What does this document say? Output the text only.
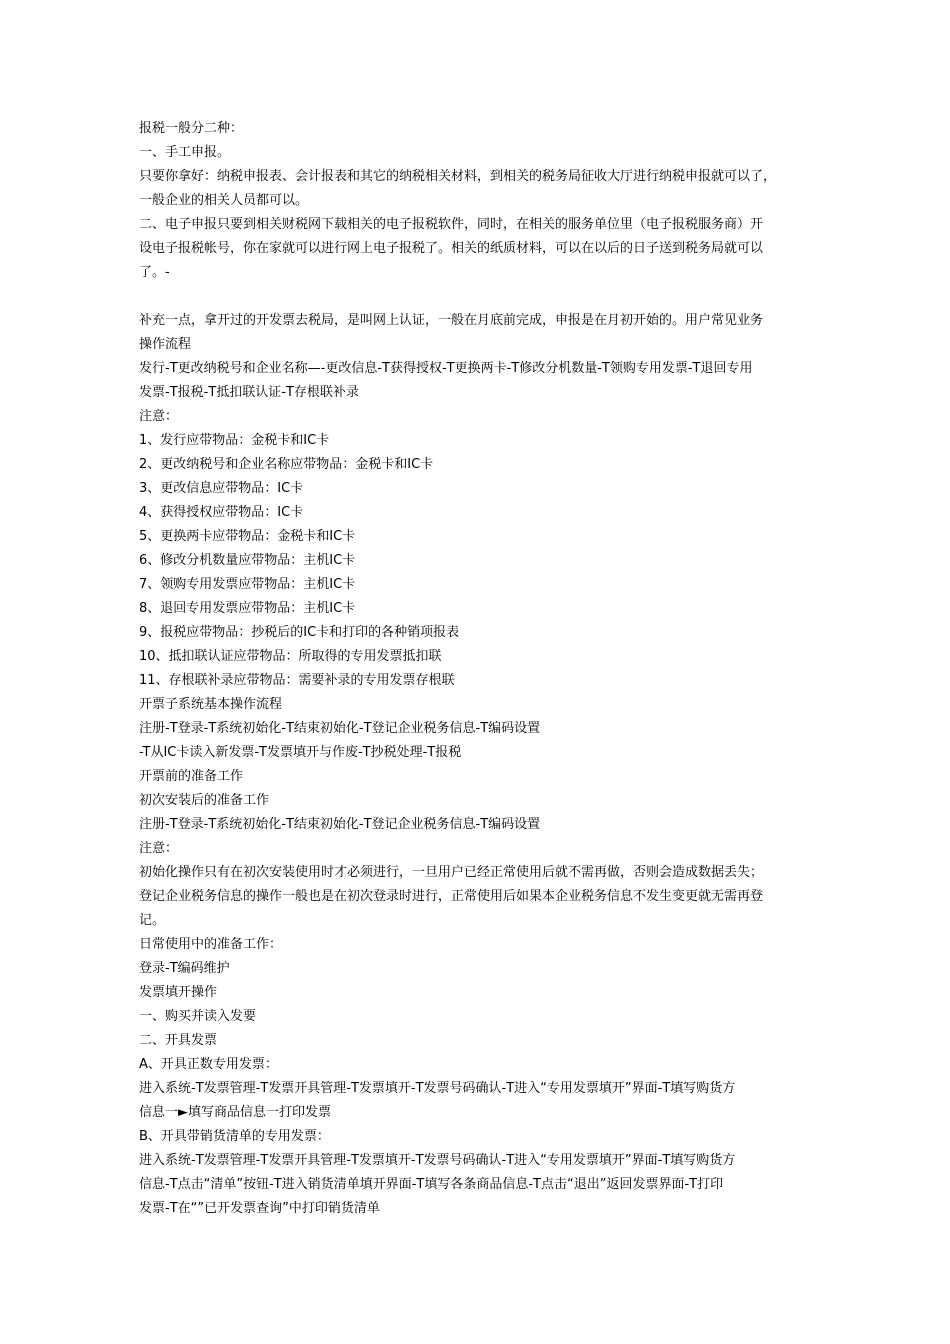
报税一般分二种：

一、手工申报。

只要你拿好：纳税申报表、会计报表和其它的纳税相关材料，到相关的税务局征收大厅进行纳税申报就可以了，

一般企业的相关人员都可以。

二、电子申报只要到相关财税网下载相关的电子报税软件，同时，在相关的服务单位里（电子报税服务商）开

设电子报税帐号，你在家就可以进行网上电子报税了。相关的纸质材料，可以在以后的日子送到税务局就可以

了。-

补充一点，拿开过的开发票去税局，是叫网上认证，一般在月底前完成，申报是在月初开始的。用户常见业务

操作流程

发行-T更改纳税号和企业名称—-更改信息-T获得授权-T更换两卡-T修改分机数量-T领购专用发票-T退回专用

发票-T报税-T抵扣联认证-T存根联补录

注意：

1、发行应带物品：金税卡和IC卡

2、更改纳税号和企业名称应带物品：金税卡和IC卡

3、更改信息应带物品：IC卡

4、获得授权应带物品：IC卡

5、更换两卡应带物品：金税卡和IC卡

6、修改分机数量应带物品：主机IC卡

7、领购专用发票应带物品：主机IC卡

8、退回专用发票应带物品：主机IC卡

9、报税应带物品：抄税后的IC卡和打印的各种销项报表

10、抵扣联认证应带物品：所取得的专用发票抵扣联

11、存根联补录应带物品：需要补录的专用发票存根联

开票子系统基本操作流程

注册-T登录-T系统初始化-T结束初始化-T登记企业税务信息-T编码设置

-T从IC卡读入新发票-T发票填开与作废-T抄税处理-T报税

开票前的准备工作

初次安装后的准备工作

注册-T登录-T系统初始化-T结束初始化-T登记企业税务信息-T编码设置

注意：

初始化操作只有在初次安装使用时才必须进行，一旦用户已经正常使用后就不需再做，否则会造成数据丢失；

登记企业税务信息的操作一般也是在初次登录时进行，正常使用后如果本企业税务信息不发生变更就无需再登

记。

日常使用中的准备工作：

登录-T编码维护

发票填开操作

一、购买并读入发要

二、开具发票

A、开具正数专用发票：

进入系统-T发票管理-T发票开具管理-T发票填开-T发票号码确认-T进入“专用发票填开”界面-T填写购货方

信息一►填写商品信息一打印发票

B、开具带销货清单的专用发票：

进入系统-T发票管理-T发票开具管理-T发票填开-T发票号码确认-T进入“专用发票填开”界面-T填写购货方

信息-T点击“清单”按钮-T进入销货清单填开界面-T填写各条商品信息-T点击“退出”返回发票界面-T打印

发票-T在“”已开发票查询”中打印销货清单
